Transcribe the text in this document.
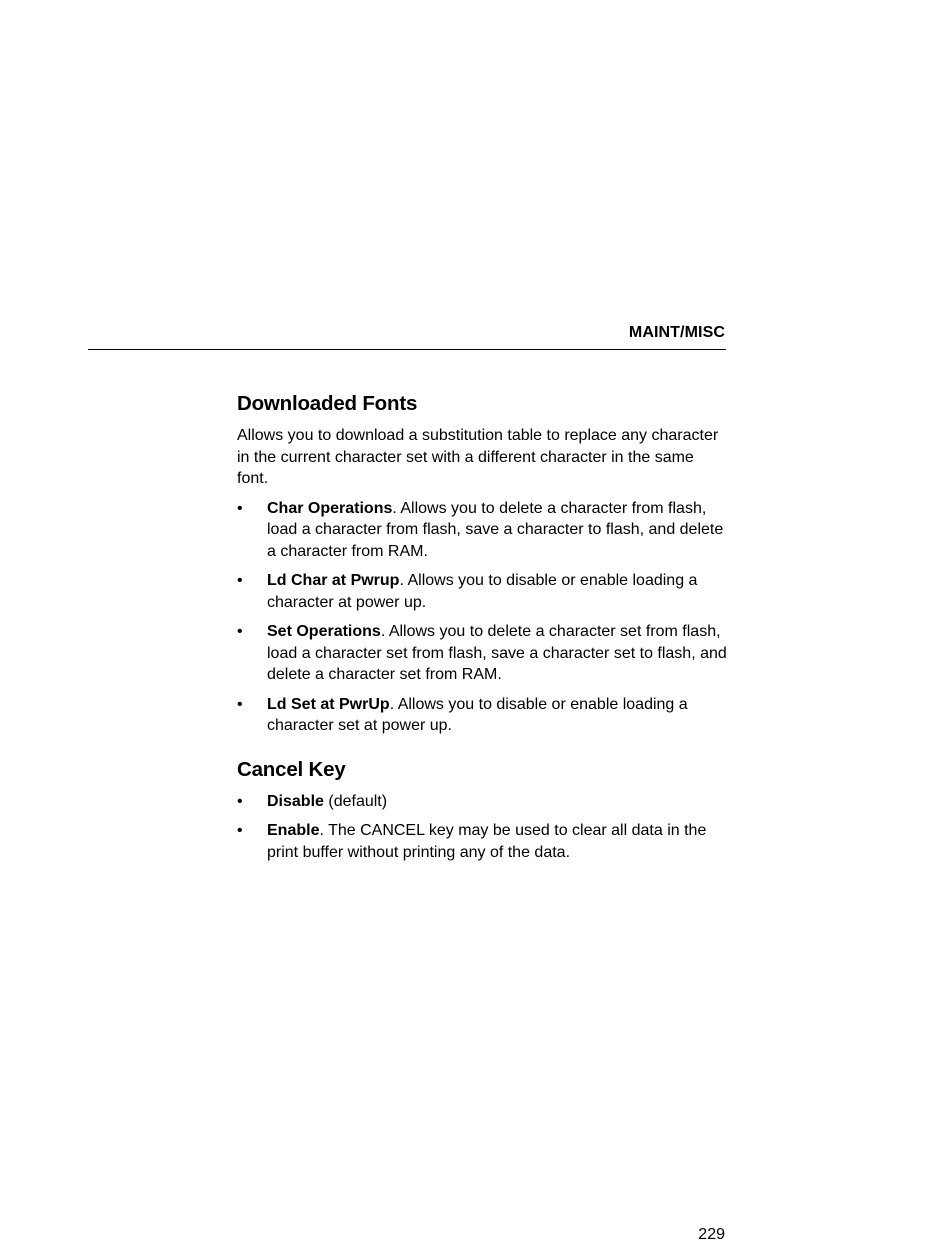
MAINT/MISC
Downloaded Fonts

Allows you to download a substitution table to replace any character in the current character set with a different character in the same font.

• Char Operations. Allows you to delete a character from flash, load a character from flash, save a character to flash, and delete a character from RAM.
• Ld Char at Pwrup. Allows you to disable or enable loading a character at power up.
• Set Operations. Allows you to delete a character set from flash, load a character set from flash, save a character set to flash, and delete a character set from RAM.
• Ld Set at PwrUp. Allows you to disable or enable loading a character set at power up.
Cancel Key
• Disable (default)
• Enable. The CANCEL key may be used to clear all data in the print buffer without printing any of the data.
229
